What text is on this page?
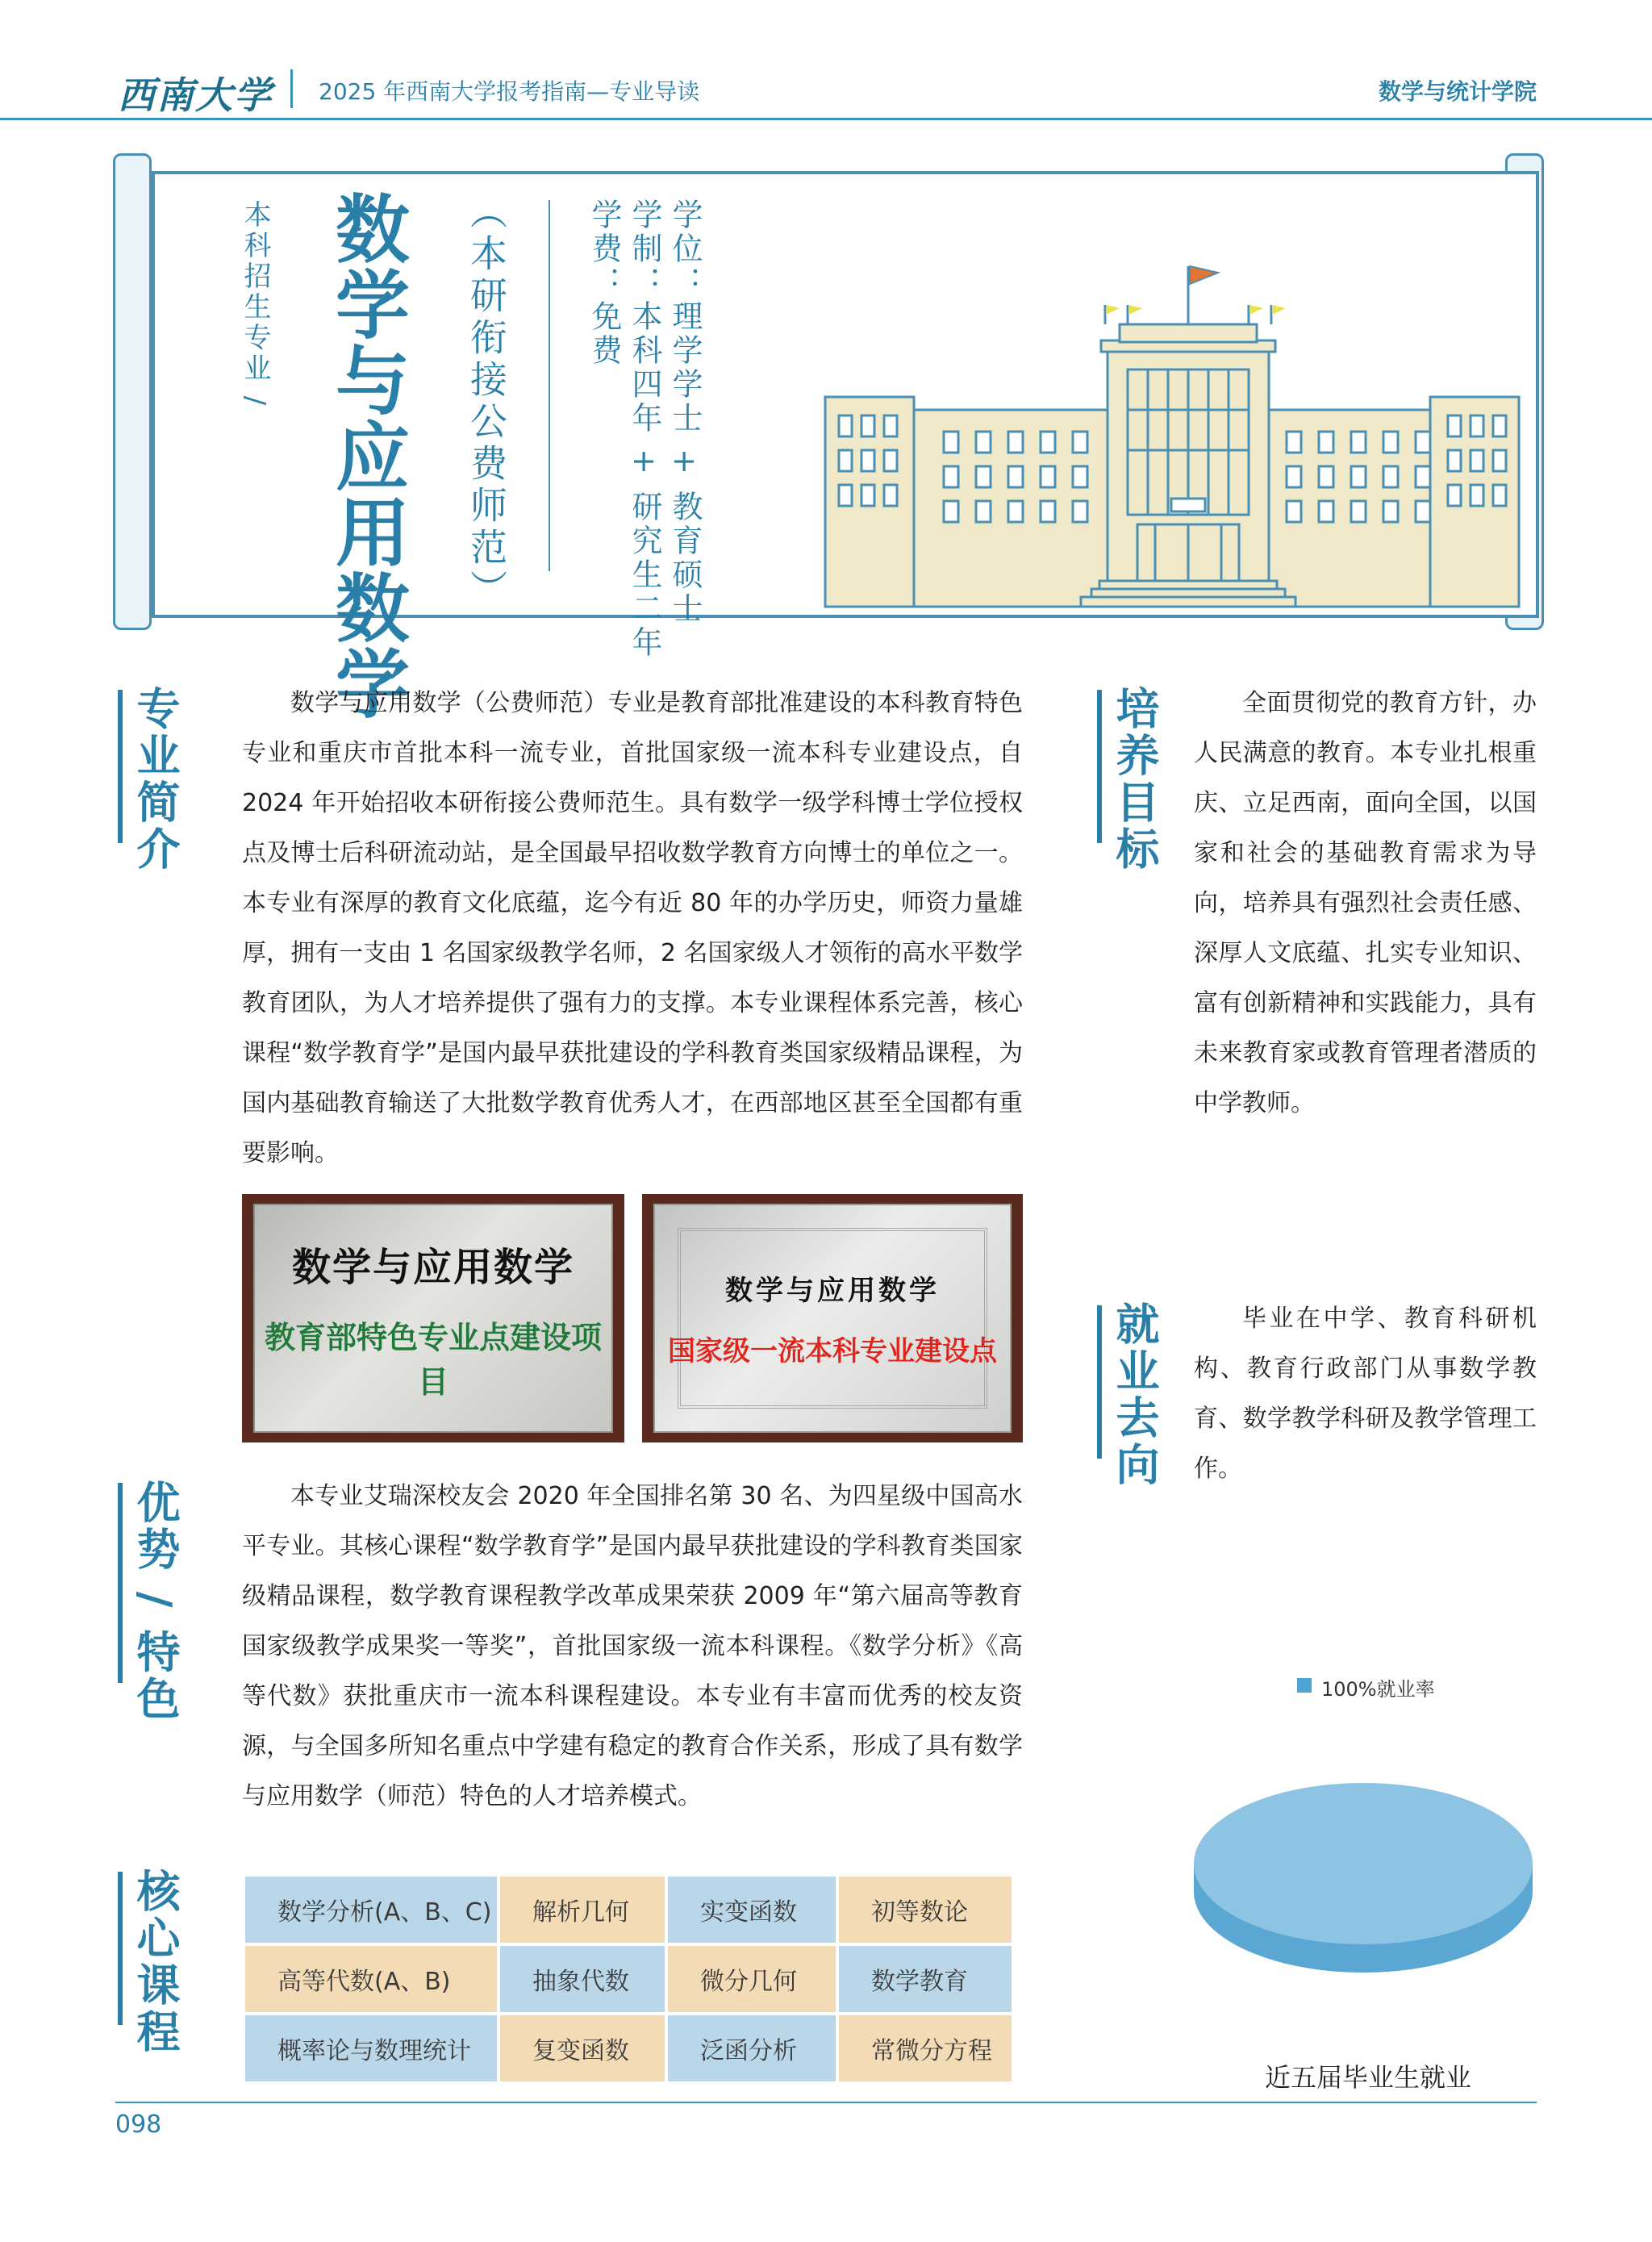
西南大学 2025 年西南大学报考指南—专业导读	数学与统计学院
本科招生专业 / 数学与应用数学 （本研衔接公费师范）	学位：理学学士 + 教育硕士
学制：本科四年 + 研究生二年
学费：免费
专业简介	数学与应用数学（公费师范）专业是教育部批准建设的本科教育特色专业和重庆市首批本科一流专业，首批国家级一流本科专业建设点，自 2024 年开始招收本研衔接公费师范生。具有数学一级学科博士学位授权点及博士后科研流动站，是全国最早招收数学教育方向博士的单位之一。本专业有深厚的教育文化底蕴，迄今有近 80 年的办学历史，师资力量雄厚，拥有一支由 1 名国家级教学名师，2 名国家级人才领衔的高水平数学教育团队，为人才培养提供了强有力的支撑。本专业课程体系完善，核心课程“数学教育学”是国内最早获批建设的学科教育类国家级精品课程，为国内基础教育输送了大批数学教育优秀人才，在西部地区甚至全国都有重要影响。

培养目标	全面贯彻党的教育方针，办人民满意的教育。本专业扎根重庆、立足西南，面向全国，以国家和社会的基础教育需求为导向，培养具有强烈社会责任感、深厚人文底蕴、扎实专业知识、富有创新精神和实践能力，具有未来教育家或教育管理者潜质的中学教师。

数学与应用数学
教育部特色专业点建设项目
数学与应用数学
国家级一流本科专业建设点	就业去向	毕业在中学、教育科研机构、教育行政部门从事数学教育、数学教学科研及教学管理工作。

优势 / 特色	本专业艾瑞深校友会 2020 年全国排名第 30 名、为四星级中国高水平专业。其核心课程“数学教育学”是国内最早获批建设的学科教育类国家级精品课程，数学教育课程教学改革成果荣获 2009 年“第六届高等教育国家级教学成果奖一等奖”，首批国家级一流本科课程。《数学分析》《高等代数》获批重庆市一流本科课程建设。本专业有丰富而优秀的校友资源，与全国多所知名重点中学建有稳定的教育合作关系，形成了具有数学与应用数学（师范）特色的人才培养模式。

100%就业率
近五届毕业生就业
核心课程	数学分析(A、B、C)	解析几何	实变函数	初等数论
高等代数(A、B)	抽象代数	微分几何	数学教育
概率论与数理统计	复变函数	泛函分析	常微分方程
098
